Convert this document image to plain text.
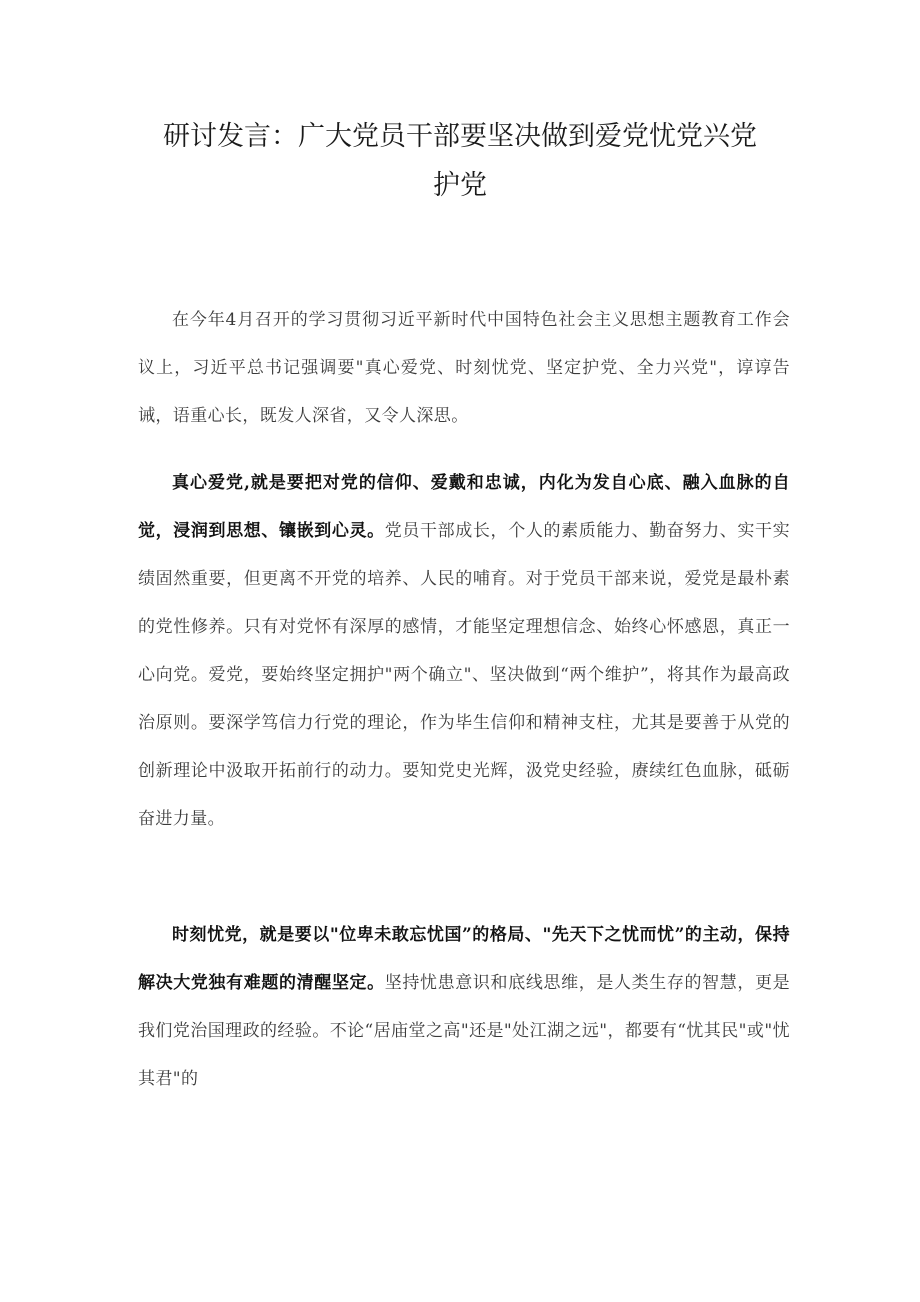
研讨发言：广大党员干部要坚决做到爱党忧党兴党护党

在今年4月召开的学习贯彻习近平新时代中国特色社会主义思想主题教育工作会议上，习近平总书记强调要"真心爱党、时刻忧党、坚定护党、全力兴党"，谆谆告诫，语重心长，既发人深省，又令人深思。

真心爱党,就是要把对党的信仰、爱戴和忠诚，内化为发自心底、融入血脉的自觉，浸润到思想、镶嵌到心灵。党员干部成长，个人的素质能力、勤奋努力、实干实绩固然重要，但更离不开党的培养、人民的哺育。对于党员干部来说，爱党是最朴素的党性修养。只有对党怀有深厚的感情，才能坚定理想信念、始终心怀感恩，真正一心向党。爱党，要始终坚定拥护"两个确立"、坚决做到“两个维护”，将其作为最高政治原则。要深学笃信力行党的理论，作为毕生信仰和精神支柱，尤其是要善于从党的创新理论中汲取开拓前行的动力。要知党史光辉，汲党史经验，赓续红色血脉，砥砺奋进力量。

时刻忧党，就是要以"位卑未敢忘忧国”的格局、"先天下之忧而忧”的主动，保持解决大党独有难题的清醒坚定。坚持忧患意识和底线思维，是人类生存的智慧，更是我们党治国理政的经验。不论“居庙堂之高"还是"处江湖之远"，都要有“忧其民"或"忧其君"的
